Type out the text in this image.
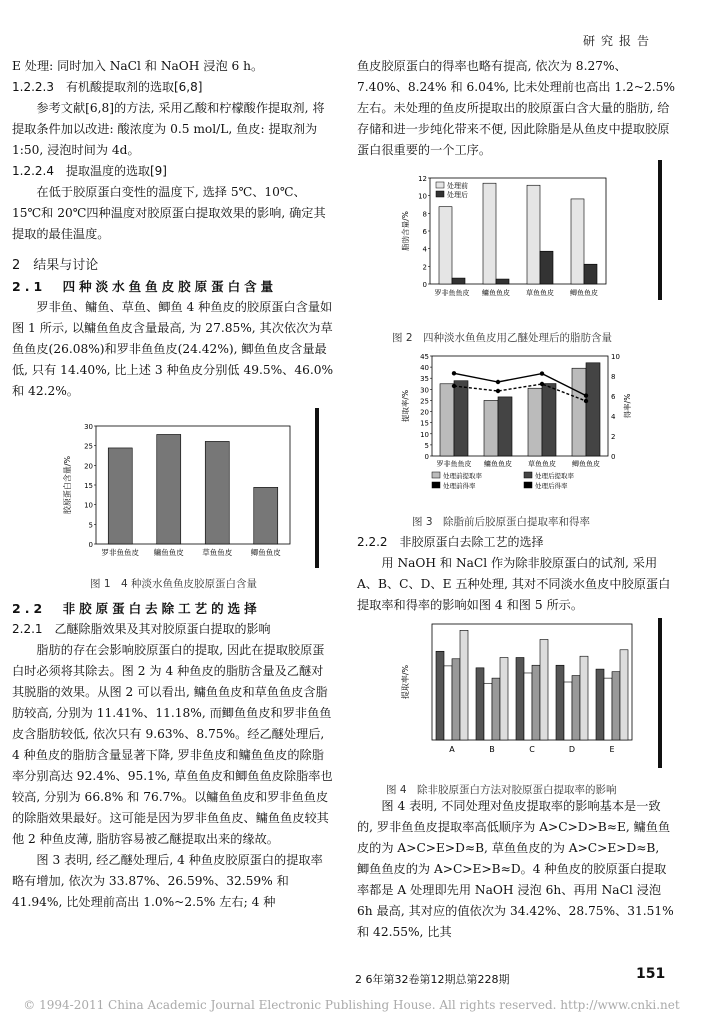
研究报告

E 处理: 同时加入 NaCl 和 NaOH 浸泡 6 h。

1.2.2.3　有机酸提取剂的选取[6,8]

参考文献[6,8]的方法, 采用乙酸和柠檬酸作提取剂, 将提取条件加以改进: 酸浓度为 0.5 mol/L, 鱼皮: 提取剂为 1:50, 浸泡时间为 4d。

1.2.2.4　提取温度的选取[9]

在低于胶原蛋白变性的温度下, 选择 5℃、10℃、15℃和 20℃四种温度对胶原蛋白提取效果的影响, 确定其提取的最佳温度。

2　结果与讨论

2.1　四种淡水鱼鱼皮胶原蛋白含量

罗非鱼、鳙鱼、草鱼、鲫鱼 4 种鱼皮的胶原蛋白含量如图 1 所示, 以鳙鱼鱼皮含量最高, 为 27.85%, 其次依次为草鱼鱼皮(26.08%)和罗非鱼鱼皮(24.42%), 鲫鱼鱼皮含量最低, 只有 14.40%, 比上述 3 种鱼皮分别低 49.5%、46.0% 和 42.2%。

胶原蛋白含量/%
0
5
10
15
20
25
30
罗非鱼鱼皮 鳙鱼鱼皮 草鱼鱼皮 鲫鱼鱼皮
图 1　4 种淡水鱼鱼皮胶原蛋白含量

2.2　非胶原蛋白去除工艺的选择

2.2.1　乙醚除脂效果及其对胶原蛋白提取的影响

脂肪的存在会影响胶原蛋白的提取, 因此在提取胶原蛋白时必须将其除去。图 2 为 4 种鱼皮的脂肪含量及乙醚对其脱脂的效果。从图 2 可以看出, 鳙鱼鱼皮和草鱼鱼皮含脂肪较高, 分别为 11.41%、11.18%, 而鲫鱼鱼皮和罗非鱼鱼皮含脂肪较低, 依次只有 9.63%、8.75%。经乙醚处理后, 4 种鱼皮的脂肪含量显著下降, 罗非鱼皮和鳙鱼鱼皮的除脂率分别高达 92.4%、95.1%, 草鱼鱼皮和鲫鱼鱼皮除脂率也较高, 分别为 66.8% 和 76.7%。以鳙鱼鱼皮和罗非鱼鱼皮的除脂效果最好。这可能是因为罗非鱼鱼皮、鳙鱼鱼皮较其他 2 种鱼皮薄, 脂肪容易被乙醚提取出来的缘故。

图 3 表明, 经乙醚处理后, 4 种鱼皮胶原蛋白的提取率略有增加, 依次为 33.87%、26.59%、32.59% 和 41.94%, 比处理前高出 1.0%~2.5% 左右; 4 种

鱼皮胶原蛋白的得率也略有提高, 依次为 8.27%、7.40%、8.24% 和 6.04%, 比未处理前也高出 1.2~2.5% 左右。未处理的鱼皮所提取出的胶原蛋白含大量的脂肪, 给存储和进一步纯化带来不便, 因此除脂是从鱼皮中提取胶原蛋白很重要的一个工序。

脂肪含量/%
0
2
4
6
8
10
12
处理前
处理后
罗非鱼鱼皮 鳙鱼鱼皮 草鱼鱼皮 鲫鱼鱼皮
图 2　四种淡水鱼鱼皮用乙醚处理后的脂肪含量
提取率/%
0
5
10
15
20
25
30
35
40
45
0
2
4
6
8
10
得率/%
罗非鱼鱼皮 鳙鱼鱼皮 草鱼鱼皮 鲫鱼鱼皮
处理前提取率	处理后提取率
处理前得率	处理后得率
图 3　除脂前后胶原蛋白提取率和得率

2.2.2　非胶原蛋白去除工艺的选择

用 NaOH 和 NaCl 作为除非胶原蛋白的试剂, 采用 A、B、C、D、E 五种处理, 其对不同淡水鱼皮中胶原蛋白提取率和得率的影响如图 4 和图 5 所示。

提取率/%
A	B	C	D	E
图 4　除非胶原蛋白方法对胶原蛋白提取率的影响

图 4 表明, 不同处理对鱼皮提取率的影响基本是一致的, 罗非鱼鱼皮提取率高低顺序为 A>C>D>B≈E, 鳙鱼鱼皮的为 A>C>E>D≈B, 草鱼鱼皮的为 A>C>E>D≈B, 鲫鱼鱼皮的为 A>C>E>B≈D。4 种鱼皮的胶原蛋白提取率都是 A 处理即先用 NaOH 浸泡 6h、再用 NaCl 浸泡 6h 最高, 其对应的值依次为 34.42%、28.75%、31.51% 和 42.55%, 比其

2 6年第32卷第12期总第228期	151
© 1994-2011 China Academic Journal Electronic Publishing House. All rights reserved. http://www.cnki.net
